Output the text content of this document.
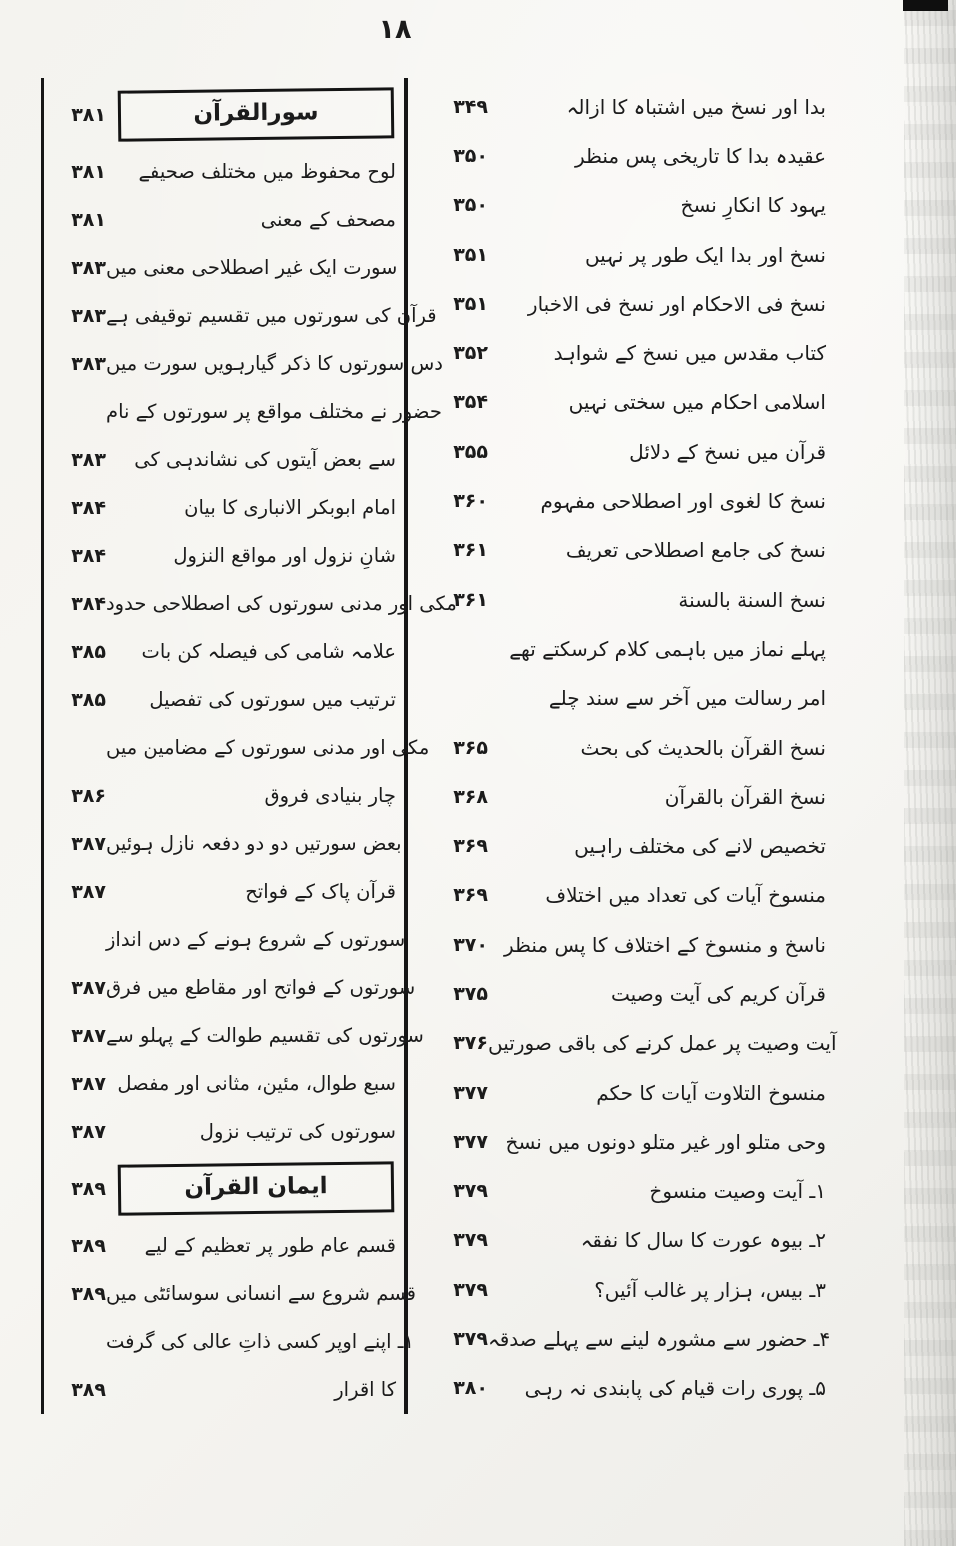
۱۸
۳۸۱	سورالقرآن
۳۸۱ لوح محفوظ میں مختلف صحیفے
۳۸۱	مصحف کے معنی
۳۸۳ سورت ایک غیر اصطلاحی معنی میں
۳۸۳ قرآن کی سورتوں میں تقسیم توقیفی ہے
۳۸۳ دس سورتوں کا ذکر گیارہویں سورت میں
حضور نے مختلف مواقع پر سورتوں کے نام
۳۸۳ سے بعض آیتوں کی نشاندہی کی
۳۸۴	امام ابوبکر الانباری کا بیان
۳۸۴	شانِ نزول اور مواقع النزول
۳۸۴ مکی اور مدنی سورتوں کی اصطلاحی حدود
۳۸۵ علامہ شامی کی فیصلہ کن بات
۳۸۵ ترتیب میں سورتوں کی تفصیل
مکی اور مدنی سورتوں کے مضامین میں
۳۸۶	چار بنیادی فروق
۳۸۷ بعض سورتیں دو دو دفعہ نازل ہوئیں
۳۸۷	قرآن پاک کے فواتح
سورتوں کے شروع ہونے کے دس انداز
۳۸۷ سورتوں کے فواتح اور مقاطع میں فرق
۳۸۷ سورتوں کی تقسیم طوالت کے پہلو سے
۳۸۷ سبع طوال، مئین، مثانی اور مفصل
۳۸۷	سورتوں کی ترتیب نزول
۳۸۹	ایمان القرآن
۳۸۹ قسم عام طور پر تعظیم کے لیے
۳۸۹ قسم شروع سے انسانی سوسائٹی میں
۱ـ اپنے اوپر کسی ذاتِ عالی کی گرفت
۳۸۹	کا اقرار
۳۴۹	بدا اور نسخ میں اشتباہ کا ازالہ
۳۵۰	عقیدہ بدا کا تاریخی پس منظر
۳۵۰	یہود کا انکارِ نسخ
۳۵۱	نسخ اور بدا ایک طور پر نہیں
۳۵۱ نسخ فی الاحکام اور نسخ فی الاخبار
۳۵۲	کتاب مقدس میں نسخ کے شواہد
۳۵۴	اسلامی احکام میں سختی نہیں
۳۵۵	قرآن میں نسخ کے دلائل
۳۶۰	نسخ کا لغوی اور اصطلاحی مفہوم
۳۶۱	نسخ کی جامع اصطلاحی تعریف
۳۶۱	نسخ السنة بالسنة
پہلے نماز میں باہمی کلام کرسکتے تھے
امر رسالت میں آخر سے سند چلے
۳۶۵	نسخ القرآن بالحدیث کی بحث
۳۶۸	نسخ القرآن بالقرآن
۳۶۹	تخصیص لانے کی مختلف راہیں
۳۶۹	منسوخ آیات کی تعداد میں اختلاف
۳۷۰ ناسخ و منسوخ کے اختلاف کا پس منظر
۳۷۵	قرآن کریم کی آیت وصیت
۳۷۶ آیت وصیت پر عمل کرنے کی باقی صورتیں
۳۷۷	منسوخ التلاوت آیات کا حکم
۳۷۷ وحی متلو اور غیر متلو دونوں میں نسخ
۳۷۹	۱ـ آیت وصیت منسوخ
۳۷۹	۲ـ بیوہ عورت کا سال کا نفقہ
۳۷۹	۳ـ بیس، ہزار پر غالب آئیں؟
۳۷۹ ۴ـ حضور سے مشورہ لینے سے پہلے صدقہ
۳۸۰ ۵ـ پوری رات قیام کی پابندی نہ رہی
